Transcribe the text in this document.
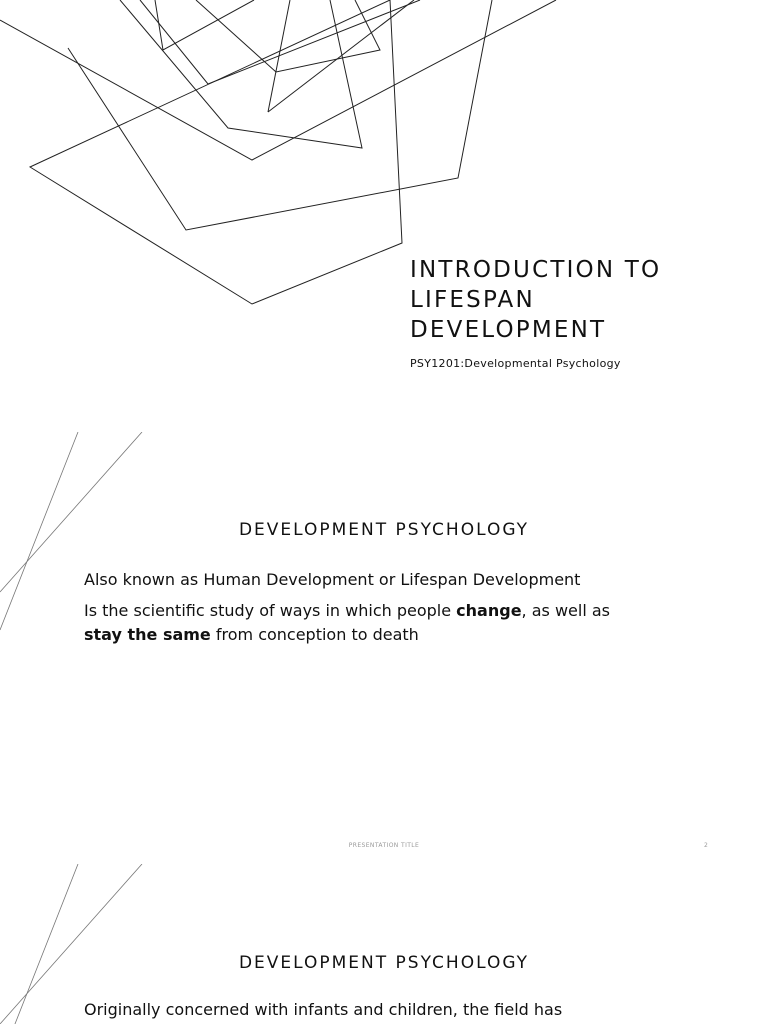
INTRODUCTION TO
LIFESPAN
DEVELOPMENT

PSY1201:Developmental Psychology

DEVELOPMENT PSYCHOLOGY

Also known as Human Development or Lifespan Development

Is the scientific study of ways in which people change, as well as
stay the same from conception to death

PRESENTATION TITLE	2
DEVELOPMENT PSYCHOLOGY

Originally concerned with infants and children, the field has
